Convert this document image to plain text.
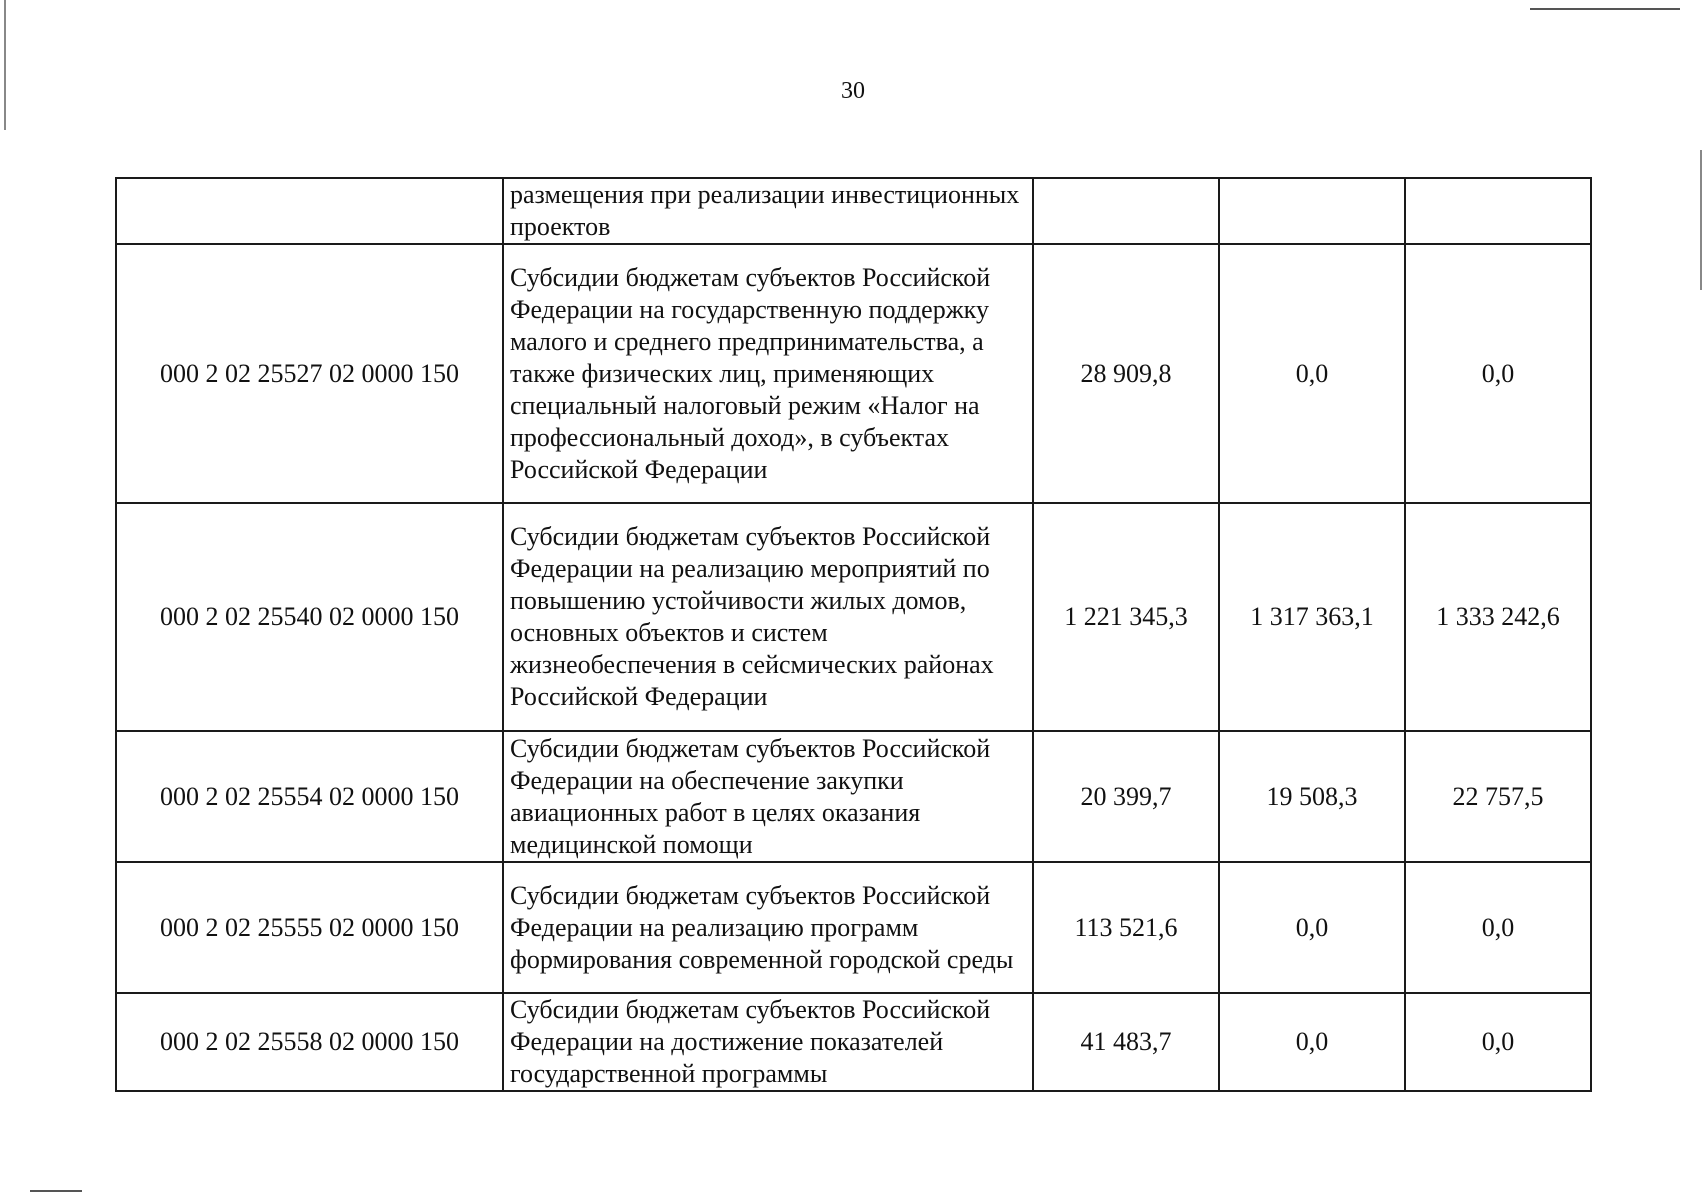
30
	размещения при реализации инвестиционных проектов			
000 2 02 25527 02 0000 150	Субсидии бюджетам субъектов Российской Федерации на государственную поддержку малого и среднего предпринимательства, а также физических лиц, применяющих специальный налоговый режим «Налог на профессиональный доход», в субъектах Российской Федерации	28 909,8	0,0	0,0
000 2 02 25540 02 0000 150	Субсидии бюджетам субъектов Российской Федерации на реализацию мероприятий по повышению устойчивости жилых домов, основных объектов и систем жизнеобеспечения в сейсмических районах Российской Федерации	1 221 345,3	1 317 363,1	1 333 242,6
000 2 02 25554 02 0000 150	Субсидии бюджетам субъектов Российской Федерации на обеспечение закупки авиационных работ в целях оказания медицинской помощи	20 399,7	19 508,3	22 757,5
000 2 02 25555 02 0000 150	Субсидии бюджетам субъектов Российской Федерации на реализацию программ формирования современной городской среды	113 521,6	0,0	0,0
000 2 02 25558 02 0000 150	Субсидии бюджетам субъектов Российской Федерации на достижение показателей государственной программы	41 483,7	0,0	0,0
